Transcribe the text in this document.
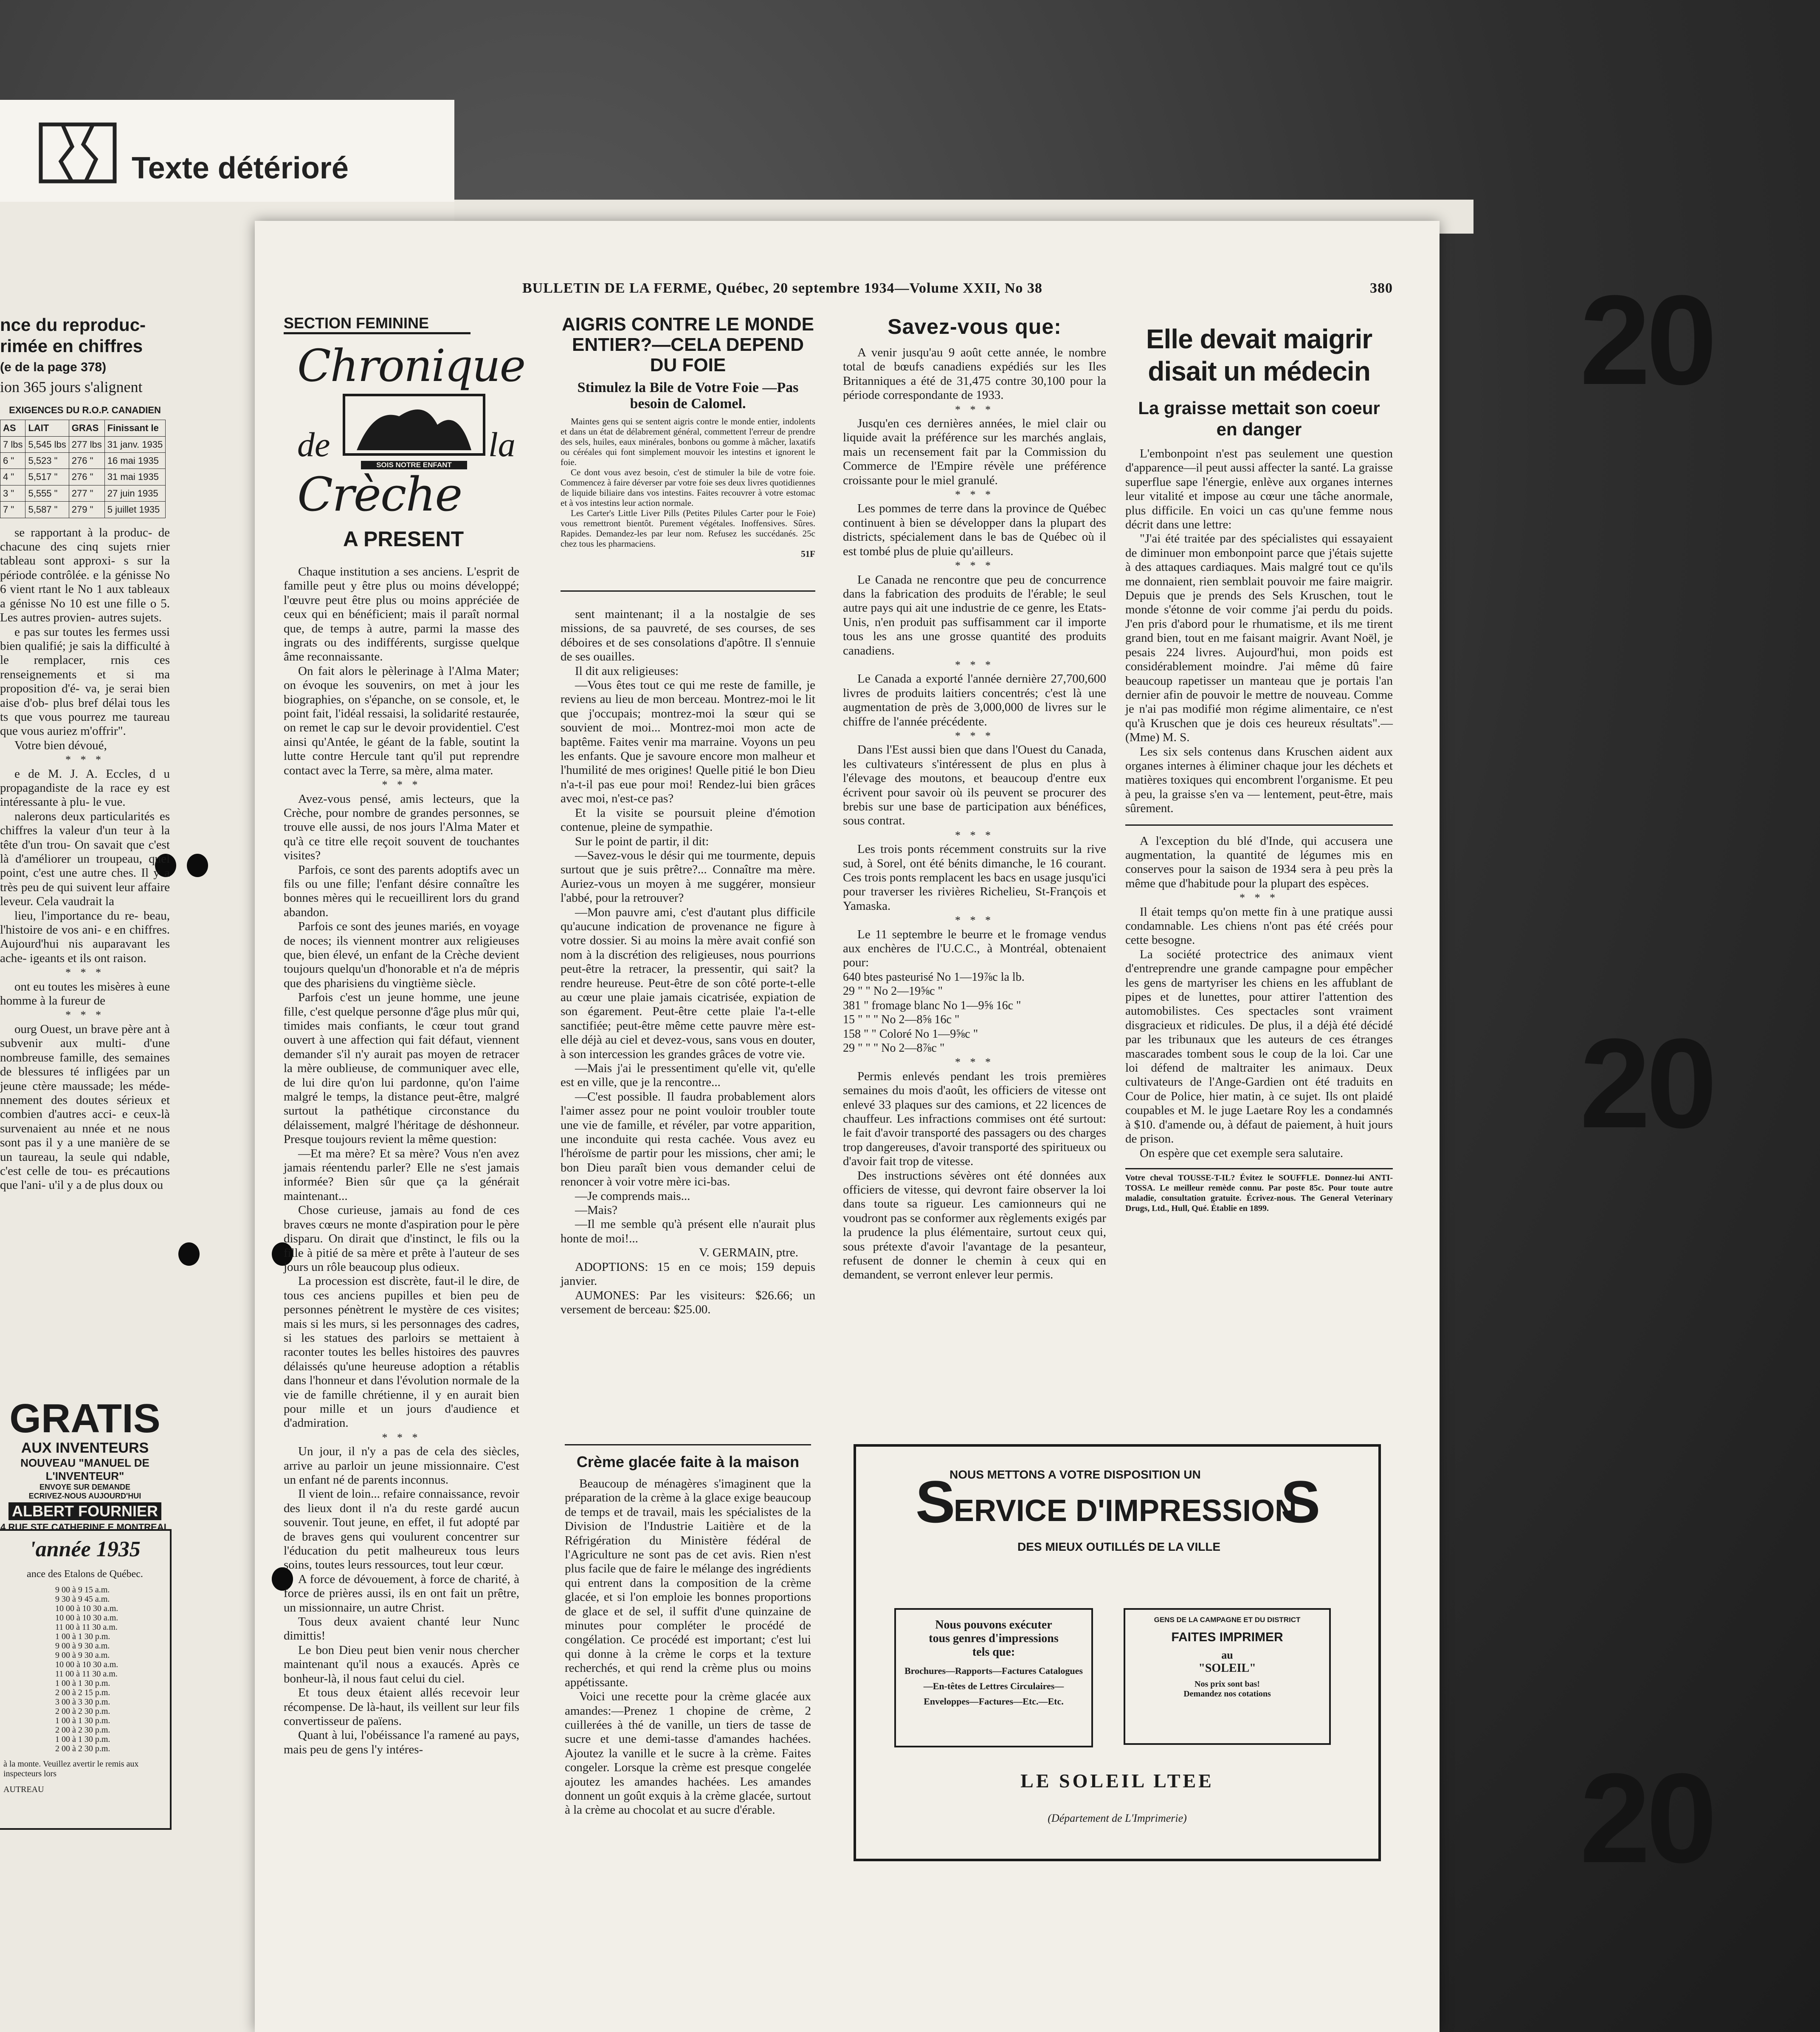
Texte détérioré
20
20
20
BULLETIN DE LA FERME, Québec, 20 septembre 1934—Volume XXII, No 38	380
nce du reproduc-
rimée en chiffres
(e de la page 378)
ion 365 jours s'alignent
EXIGENCES DU R.O.P. CANADIEN
AS	LAIT	GRAS	Finissant le
7 lbs	5,545 lbs	277 lbs	31 janv. 1935
6 "	5,523 "	276 "	16 mai 1935
4 "	5,517 "	276 "	31 mai 1935
3 "	5,555 "	277 "	27 juin 1935
7 "	5,587 "	279 "	5 juillet 1935

se rapportant à la produc- de chacune des cinq sujets rnier tableau sont approxi- s sur la période contrôlée. e la génisse No 6 vient rtant le No 1 aux tableaux a génisse No 10 est une fille o 5. Les autres provien- autres sujets.

e pas sur toutes les fermes ussi bien qualifié; je sais la difficulté à le remplacer, rnis ces renseignements et si ma proposition d'é- va, je serai bien aise d'ob- plus bref délai tous les ts que vous pourrez me taureau que vous auriez m'offrir".

Votre bien dévoué,

* * *

e de M. J. A. Eccles, d u propagandiste de la race ey est intéressante à plu- le vue.

nalerons deux particularités es chiffres la valeur d'un teur à la tête d'un trou- On savait que c'est là d'améliorer un troupeau, quel point, c'est une autre ches. Il y a très peu de qui suivent leur affaire leveur. Cela vaudrait la

lieu, l'importance du re- beau, l'histoire de vos ani- e en chiffres. Aujourd'hui nis auparavant les ache- igeants et ils ont raison.

* * *

ont eu toutes les misères à eune homme à la fureur de

* * *

ourg Ouest, un brave père ant à subvenir aux multi- d'une nombreuse famille, des semaines de blessures té infligées par un jeune ctère maussade; les méde- nnement des doutes sérieux et combien d'autres acci- e ceux-là survenaient au nnée et ne nous sont pas il y a une manière de se un taureau, la seule qui ndable, c'est celle de tou- es précautions que l'ani- u'il y a de plus doux ou

GRATIS
AUX INVENTEURS
NOUVEAU "MANUEL DE L'INVENTEUR"
ENVOYE SUR DEMANDE
ECRIVEZ-NOUS AUJOURD'HUI
ALBERT FOURNIER
4 RUE STE CATHERINE E MONTREAL
'année 1935
ance des Etalons de Québec.
9 00 à 9 15 a.m.
9 30 à 9 45 a.m.
10 00 à 10 30 a.m.
10 00 à 10 30 a.m.
11 00 à 11 30 a.m.
1 00 à 1 30 p.m.
9 00 à 9 30 a.m.
9 00 à 9 30 a.m.
10 00 à 10 30 a.m.
11 00 à 11 30 a.m.
1 00 à 1 30 p.m.
2 00 à 2 15 p.m.
3 00 à 3 30 p.m.
2 00 à 2 30 p.m.
1 00 à 1 30 p.m.
2 00 à 2 30 p.m.
1 00 à 1 30 p.m.
2 00 à 2 30 p.m.
à la monte. Veuillez avertir le remis aux inspecteurs lors
AUTREAU
SECTION FEMININE
Chronique
de	la
SOIS NOTRE ENFANT
Crèche
A PRESENT

Chaque institution a ses anciens. L'esprit de famille peut y être plus ou moins développé; l'œuvre peut être plus ou moins appréciée de ceux qui en bénéficient; mais il paraît normal que, de temps à autre, parmi la masse des ingrats ou des indifférents, surgisse quelque âme reconnaissante.

On fait alors le pèlerinage à l'Alma Mater; on évoque les souvenirs, on met à jour les biographies, on s'épanche, on se console, et, le point fait, l'idéal ressaisi, la solidarité restaurée, on remet le cap sur le devoir providentiel. C'est ainsi qu'Antée, le géant de la fable, soutint la lutte contre Hercule tant qu'il put reprendre contact avec la Terre, sa mère, alma mater.

* * *

Avez-vous pensé, amis lecteurs, que la Crèche, pour nombre de grandes personnes, se trouve elle aussi, de nos jours l'Alma Mater et qu'à ce titre elle reçoit souvent de touchantes visites?

Parfois, ce sont des parents adoptifs avec un fils ou une fille; l'enfant désire connaître les bonnes mères qui le recueillirent lors du grand abandon.

Parfois ce sont des jeunes mariés, en voyage de noces; ils viennent montrer aux religieuses que, bien élevé, un enfant de la Crèche devient toujours quelqu'un d'honorable et n'a de mépris que des pharisiens du vingtième siècle.

Parfois c'est un jeune homme, une jeune fille, c'est quelque personne d'âge plus mûr qui, timides mais confiants, le cœur tout grand ouvert à une affection qui fait défaut, viennent demander s'il n'y aurait pas moyen de retracer la mère oublieuse, de communiquer avec elle, de lui dire qu'on lui pardonne, qu'on l'aime malgré le temps, la distance peut-être, malgré surtout la pathétique circonstance du délaissement, malgré l'héritage de déshonneur. Presque toujours revient la même question:

—Et ma mère? Et sa mère? Vous n'en avez jamais réentendu parler? Elle ne s'est jamais informée? Bien sûr que ça la générait maintenant...

Chose curieuse, jamais au fond de ces braves cœurs ne monte d'aspiration pour le père disparu. On dirait que d'instinct, le fils ou la fille à pitié de sa mère et prête à l'auteur de ses jours un rôle beaucoup plus odieux.

La procession est discrète, faut-il le dire, de tous ces anciens pupilles et bien peu de personnes pénètrent le mystère de ces visites; mais si les murs, si les personnages des cadres, si les statues des parloirs se mettaient à raconter toutes les belles histoires des pauvres délaissés qu'une heureuse adoption a rétablis dans l'honneur et dans l'évolution normale de la vie de famille chrétienne, il y en aurait bien pour mille et un jours d'audience et d'admiration.

* * *

Un jour, il n'y a pas de cela des siècles, arrive au parloir un jeune missionnaire. C'est un enfant né de parents inconnus.

Il vient de loin... refaire connaissance, revoir des lieux dont il n'a du reste gardé aucun souvenir. Tout jeune, en effet, il fut adopté par de braves gens qui voulurent concentrer sur l'éducation du petit malheureux tous leurs soins, toutes leurs ressources, tout leur cœur.

A force de dévouement, à force de charité, à force de prières aussi, ils en ont fait un prêtre, un missionnaire, un autre Christ.

Tous deux avaient chanté leur Nunc dimittis!

Le bon Dieu peut bien venir nous chercher maintenant qu'il nous a exaucés. Après ce bonheur-là, il nous faut celui du ciel.

Et tous deux étaient allés recevoir leur récompense. De là-haut, ils veillent sur leur fils convertisseur de païens.

Quant à lui, l'obéissance l'a ramené au pays, mais peu de gens l'y intéres-

AIGRIS CONTRE LE MONDE ENTIER?—CELA DEPEND DU FOIE
Stimulez la Bile de Votre Foie —Pas besoin de Calomel.

Maintes gens qui se sentent aigris contre le monde entier, indolents et dans un état de délabrement général, commettent l'erreur de prendre des sels, huiles, eaux minérales, bonbons ou gomme à mâcher, laxatifs ou céréales qui font simplement mouvoir les intestins et ignorent le foie.

Ce dont vous avez besoin, c'est de stimuler la bile de votre foie. Commencez à faire déverser par votre foie ses deux livres quotidiennes de liquide biliaire dans vos intestins. Faites recouvrer à votre estomac et à vos intestins leur action normale.

Les Carter's Little Liver Pills (Petites Pilules Carter pour le Foie) vous remettront bientôt. Purement végétales. Inoffensives. Sûres. Rapides. Demandez-les par leur nom. Refusez les succédanés. 25c chez tous les pharmaciens.

51F

sent maintenant; il a la nostalgie de ses missions, de sa pauvreté, de ses courses, de ses déboires et de ses consolations d'apôtre. Il s'ennuie de ses ouailles.

Il dit aux religieuses:

—Vous êtes tout ce qui me reste de famille, je reviens au lieu de mon berceau. Montrez-moi le lit que j'occupais; montrez-moi la sœur qui se souvient de moi... Montrez-moi mon acte de baptême. Faites venir ma marraine. Voyons un peu les enfants. Que je savoure encore mon malheur et l'humilité de mes origines! Quelle pitié le bon Dieu n'a-t-il pas eue pour moi! Rendez-lui bien grâces avec moi, n'est-ce pas?

Et la visite se poursuit pleine d'émotion contenue, pleine de sympathie.

Sur le point de partir, il dit:

—Savez-vous le désir qui me tourmente, depuis surtout que je suis prêtre?... Connaître ma mère. Auriez-vous un moyen à me suggérer, monsieur l'abbé, pour la retrouver?

—Mon pauvre ami, c'est d'autant plus difficile qu'aucune indication de provenance ne figure à votre dossier. Si au moins la mère avait confié son nom à la discrétion des religieuses, nous pourrions peut-être la retracer, la pressentir, qui sait? la rendre heureuse. Peut-être de son côté porte-t-elle au cœur une plaie jamais cicatrisée, expiation de son égarement. Peut-être cette plaie l'a-t-elle sanctifiée; peut-être même cette pauvre mère est-elle déjà au ciel et devez-vous, sans vous en douter, à son intercession les grandes grâces de votre vie.

—Mais j'ai le pressentiment qu'elle vit, qu'elle est en ville, que je la rencontre...

—C'est possible. Il faudra probablement alors l'aimer assez pour ne point vouloir troubler toute une vie de famille, et révéler, par votre apparition, une inconduite qui resta cachée. Vous avez eu l'héroïsme de partir pour les missions, cher ami; le bon Dieu paraît bien vous demander celui de renoncer à voir votre mère ici-bas.

—Je comprends mais...

—Mais?

—Il me semble qu'à présent elle n'aurait plus honte de moi!...

V. GERMAIN, ptre.

ADOPTIONS: 15 en ce mois; 159 depuis janvier.

AUMONES: Par les visiteurs: $26.66; un versement de berceau: $25.00.

Crème glacée faite à la maison

Beaucoup de ménagères s'imaginent que la préparation de la crème à la glace exige beaucoup de temps et de travail, mais les spécialistes de la Division de l'Industrie Laitière et de la Réfrigération du Ministère fédéral de l'Agriculture ne sont pas de cet avis. Rien n'est plus facile que de faire le mélange des ingrédients qui entrent dans la composition de la crème glacée, et si l'on emploie les bonnes proportions de glace et de sel, il suffit d'une quinzaine de minutes pour compléter le procédé de congélation. Ce procédé est important; c'est lui qui donne à la crème le corps et la texture recherchés, et qui rend la crème plus ou moins appétissante.

Voici une recette pour la crème glacée aux amandes:—Prenez 1 chopine de crème, 2 cuillerées à thé de vanille, un tiers de tasse de sucre et une demi-tasse d'amandes hachées. Ajoutez la vanille et le sucre à la crème. Faites congeler. Lorsque la crème est presque congelée ajoutez les amandes hachées. Les amandes donnent un goût exquis à la crème glacée, surtout à la crème au chocolat et au sucre d'érable.

Savez-vous que:

A venir jusqu'au 9 août cette année, le nombre total de bœufs canadiens expédiés sur les Iles Britanniques a été de 31,475 contre 30,100 pour la période correspondante de 1933.

* * *

Jusqu'en ces dernières années, le miel clair ou liquide avait la préférence sur les marchés anglais, mais un recensement fait par la Commission du Commerce de l'Empire révèle une préférence croissante pour le miel granulé.

* * *

Les pommes de terre dans la province de Québec continuent à bien se développer dans la plupart des districts, spécialement dans le bas de Québec où il est tombé plus de pluie qu'ailleurs.

* * *

Le Canada ne rencontre que peu de concurrence dans la fabrication des produits de l'érable; le seul autre pays qui ait une industrie de ce genre, les Etats-Unis, n'en produit pas suffisamment car il importe tous les ans une grosse quantité des produits canadiens.

* * *

Le Canada a exporté l'année dernière 27,700,600 livres de produits laitiers concentrés; c'est là une augmentation de près de 3,000,000 de livres sur le chiffre de l'année précédente.

* * *

Dans l'Est aussi bien que dans l'Ouest du Canada, les cultivateurs s'intéressent de plus en plus à l'élevage des moutons, et beaucoup d'entre eux écrivent pour savoir où ils peuvent se procurer des brebis sur une base de participation aux bénéfices, sous contrat.

* * *

Les trois ponts récemment construits sur la rive sud, à Sorel, ont été bénits dimanche, le 16 courant. Ces trois ponts remplacent les bacs en usage jusqu'ici pour traverser les rivières Richelieu, St-François et Yamaska.

* * *

Le 11 septembre le beurre et le fromage vendus aux enchères de l'U.C.C., à Montréal, obtenaient pour:

640 btes pasteurisé No 1—19⅞c la lb.
29 " " No 2—19⅝c "
381 " fromage blanc No 1—9⅝ 16c "
15 " " " No 2—8⅝ 16c "
158 " " Coloré No 1—9⅝c "
29 " " " No 2—8⅞c "
* * *

Permis enlevés pendant les trois premières semaines du mois d'août, les officiers de vitesse ont enlevé 33 plaques sur des camions, et 22 licences de chauffeur. Les infractions commises ont été surtout: le fait d'avoir transporté des passagers ou des charges trop dangereuses, d'avoir transporté des spiritueux ou d'avoir fait trop de vitesse.

Des instructions sévères ont été données aux officiers de vitesse, qui devront faire observer la loi dans toute sa rigueur. Les camionneurs qui ne voudront pas se conformer aux règlements exigés par la prudence la plus élémentaire, surtout ceux qui, sous prétexte d'avoir l'avantage de la pesanteur, refusent de donner le chemin à ceux qui en demandent, se verront enlever leur permis.

Elle devait maigrir disait un médecin
La graisse mettait son coeur en danger

L'embonpoint n'est pas seulement une question d'apparence—il peut aussi affecter la santé. La graisse superflue sape l'énergie, enlève aux organes internes leur vitalité et impose au cœur une tâche anormale, plus difficile. En voici un cas qu'une femme nous décrit dans une lettre:

"J'ai été traitée par des spécialistes qui essayaient de diminuer mon embonpoint parce que j'étais sujette à des attaques cardiaques. Mais malgré tout ce qu'ils me donnaient, rien semblait pouvoir me faire maigrir. Depuis que je prends des Sels Kruschen, tout le monde s'étonne de voir comme j'ai perdu du poids. J'en pris d'abord pour le rhumatisme, et ils me tirent grand bien, tout en me faisant maigrir. Avant Noël, je pesais 224 livres. Aujourd'hui, mon poids est considérablement moindre. J'ai même dû faire beaucoup rapetisser un manteau que je portais l'an dernier afin de pouvoir le mettre de nouveau. Comme je n'ai pas modifié mon régime alimentaire, ce n'est qu'à Kruschen que je dois ces heureux résultats".—(Mme) M. S.

Les six sels contenus dans Kruschen aident aux organes internes à éliminer chaque jour les déchets et matières toxiques qui encombrent l'organisme. Et peu à peu, la graisse s'en va — lentement, peut-être, mais sûrement.

A l'exception du blé d'Inde, qui accusera une augmentation, la quantité de légumes mis en conserves pour la saison de 1934 sera à peu près la même que d'habitude pour la plupart des espèces.

* * *

Il était temps qu'on mette fin à une pratique aussi condamnable. Les chiens n'ont pas été créés pour cette besogne.

La société protectrice des animaux vient d'entreprendre une grande campagne pour empêcher les gens de martyriser les chiens en les affublant de pipes et de lunettes, pour attirer l'attention des automobilistes. Ces spectacles sont vraiment disgracieux et ridicules. De plus, il a déjà été décidé par les tribunaux que les auteurs de ces étranges mascarades tombent sous le coup de la loi. Car une loi défend de maltraiter les animaux. Deux cultivateurs de l'Ange-Gardien ont été traduits en Cour de Police, hier matin, à ce sujet. Ils ont plaidé coupables et M. le juge Laetare Roy les a condamnés à $10. d'amende ou, à défaut de paiement, à huit jours de prison.

On espère que cet exemple sera salutaire.

Votre cheval TOUSSE-T-IL? Évitez le SOUFFLE. Donnez-lui ANTI-TOSSA. Le meilleur remède connu. Par poste 85c. Pour toute autre maladie, consultation gratuite. Écrivez-nous. The General Veterinary Drugs, Ltd., Hull, Qué. Établie en 1899.
NOUS METTONS A VOTRE DISPOSITION UN
S
ERVICE D'IMPRESSION
S
DES MIEUX OUTILLÉS DE LA VILLE
Nous pouvons exécuter
tous genres d'impressions
tels que:
Brochures—Rapports—Factures Catalogues—En-têtes de Lettres Circulaires—Enveloppes—Factures—Etc.—Etc.
GENS DE LA CAMPAGNE ET DU DISTRICT
FAITES IMPRIMER
au
"SOLEIL"
Nos prix sont bas!
Demandez nos cotations
LE SOLEIL LTEE
(Département de L'Imprimerie)
